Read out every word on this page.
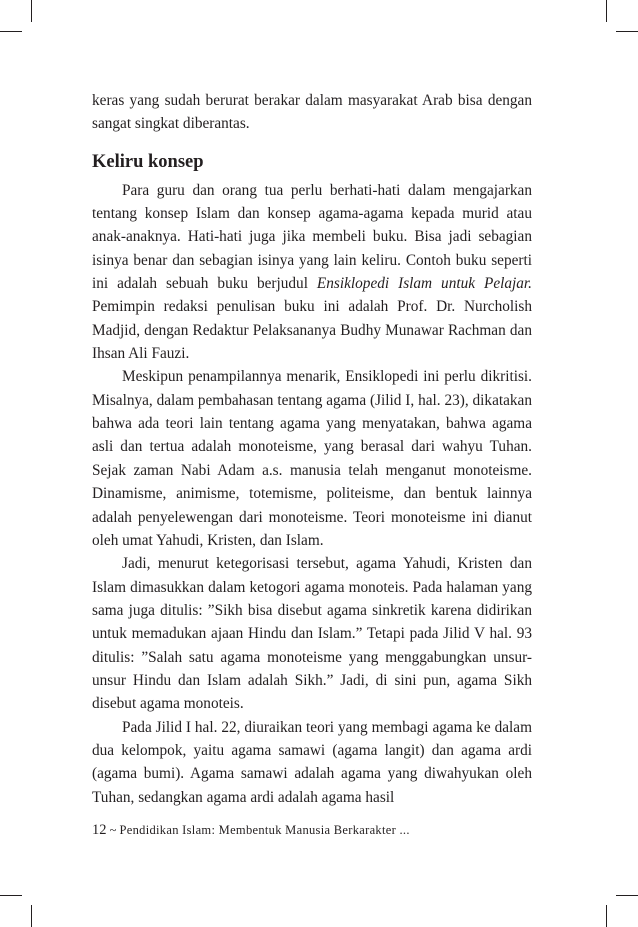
keras yang sudah berurat berakar dalam masyarakat Arab bisa dengan sangat singkat diberantas.

Keliru konsep

Para guru dan orang tua perlu berhati-hati dalam mengajarkan tentang konsep Islam dan konsep agama-agama kepada murid atau anak-anaknya. Hati-hati juga jika membeli buku. Bisa jadi sebagian isinya benar dan sebagian isinya yang lain keliru. Contoh buku seperti ini adalah sebuah buku berjudul Ensiklopedi Islam untuk Pelajar. Pemimpin redaksi penulisan buku ini adalah Prof. Dr. Nurcholish Madjid, dengan Redaktur Pelaksananya Budhy Munawar Rachman dan Ihsan Ali Fauzi.

Meskipun penampilannya menarik, Ensiklopedi ini perlu dikritisi. Misalnya, dalam pembahasan tentang agama (Jilid I, hal. 23), dikatakan bahwa ada teori lain tentang agama yang menyatakan, bahwa agama asli dan tertua adalah monoteisme, yang berasal dari wahyu Tuhan. Sejak zaman Nabi Adam a.s. manusia telah menganut monoteisme. Dinamisme, animisme, totemisme, politeisme, dan bentuk lainnya adalah penyelewengan dari monoteisme. Teori monoteisme ini dianut oleh umat Yahudi, Kristen, dan Islam.

Jadi, menurut ketegorisasi tersebut, agama Yahudi, Kristen dan Islam dimasukkan dalam ketogori agama monoteis. Pada halaman yang sama juga ditulis: ”Sikh bisa disebut agama sinkretik karena didirikan untuk memadukan ajaan Hindu dan Islam.” Tetapi pada Jilid V hal. 93 ditulis: ”Salah satu agama monoteisme yang menggabungkan unsur-unsur Hindu dan Islam adalah Sikh.” Jadi, di sini pun, agama Sikh disebut agama monoteis.

Pada Jilid I hal. 22, diuraikan teori yang membagi agama ke dalam dua kelompok, yaitu agama samawi (agama langit) dan agama ardi (agama bumi). Agama samawi adalah agama yang diwahyukan oleh Tuhan, sedangkan agama ardi adalah agama hasil

12 ~ Pendidikan Islam: Membentuk Manusia Berkarakter ...
